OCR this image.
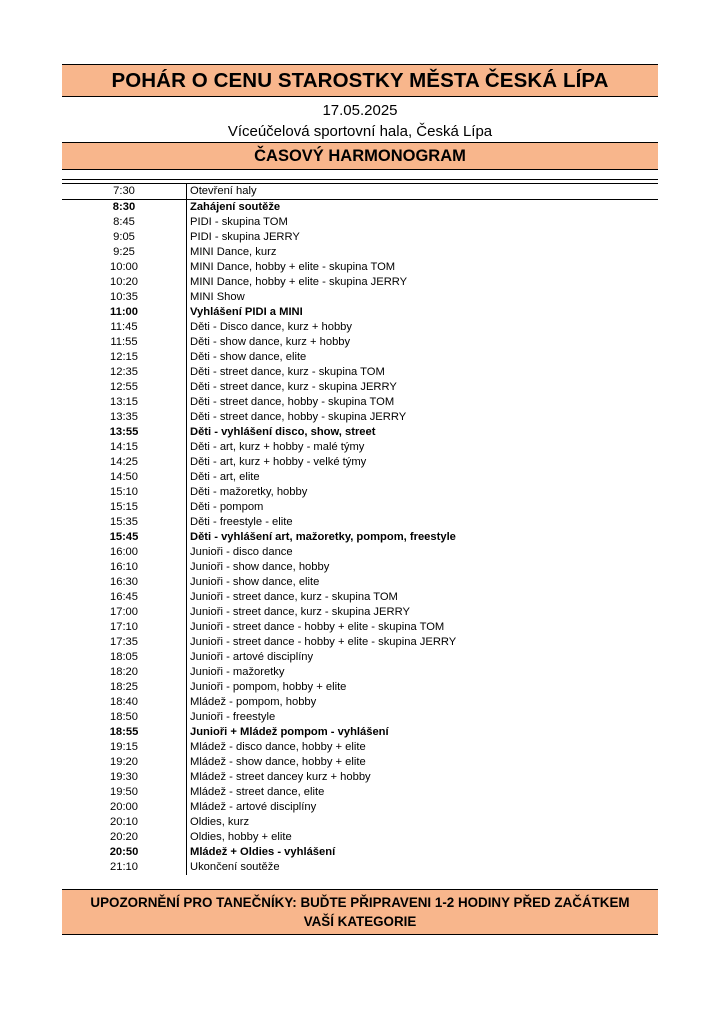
POHÁR O CENU STAROSTKY MĚSTA ČESKÁ LÍPA
17.05.2025
Víceúčelová sportovní hala, Česká Lípa
ČASOVÝ HARMONOGRAM
7:30	Otevření haly
8:30	Zahájení soutěže
8:45	PIDI - skupina TOM
9:05	PIDI - skupina JERRY
9:25	MINI Dance, kurz
10:00	MINI Dance, hobby + elite - skupina TOM
10:20	MINI Dance, hobby + elite - skupina JERRY
10:35	MINI Show
11:00	Vyhlášení PIDI a MINI
11:45	Děti - Disco dance, kurz + hobby
11:55	Děti - show dance, kurz + hobby
12:15	Děti - show dance, elite
12:35	Děti - street dance, kurz - skupina TOM
12:55	Děti - street dance, kurz - skupina JERRY
13:15	Děti - street dance, hobby - skupina TOM
13:35	Děti - street dance, hobby - skupina JERRY
13:55	Děti - vyhlášení disco, show, street
14:15	Děti - art, kurz + hobby - malé týmy
14:25	Děti - art, kurz + hobby - velké týmy
14:50	Děti - art, elite
15:10	Děti - mažoretky, hobby
15:15	Děti - pompom
15:35	Děti - freestyle - elite
15:45	Děti - vyhlášení art, mažoretky, pompom, freestyle
16:00	Junioři - disco dance
16:10	Junioři - show dance, hobby
16:30	Junioři - show dance, elite
16:45	Junioři - street dance, kurz - skupina TOM
17:00	Junioři - street dance, kurz - skupina JERRY
17:10	Junioři - street dance - hobby + elite - skupina TOM
17:35	Junioři - street dance - hobby + elite - skupina JERRY
18:05	Junioři - artové disciplíny
18:20	Junioři - mažoretky
18:25	Junioři - pompom, hobby + elite
18:40	Mládež - pompom, hobby
18:50	Junioři - freestyle
18:55	Junioři + Mládež pompom - vyhlášení
19:15	Mládež - disco dance, hobby + elite
19:20	Mládež - show dance, hobby + elite
19:30	Mládež - street dancey kurz + hobby
19:50	Mládež - street dance, elite
20:00	Mládež - artové disciplíny
20:10	Oldies, kurz
20:20	Oldies, hobby + elite
20:50	Mládež + Oldies - vyhlášení
21:10	Ukončení soutěže
UPOZORNĚNÍ PRO TANEČNÍKY: BUĎTE PŘIPRAVENI 1-2 HODINY PŘED ZAČÁTKEM
VAŠÍ KATEGORIE
